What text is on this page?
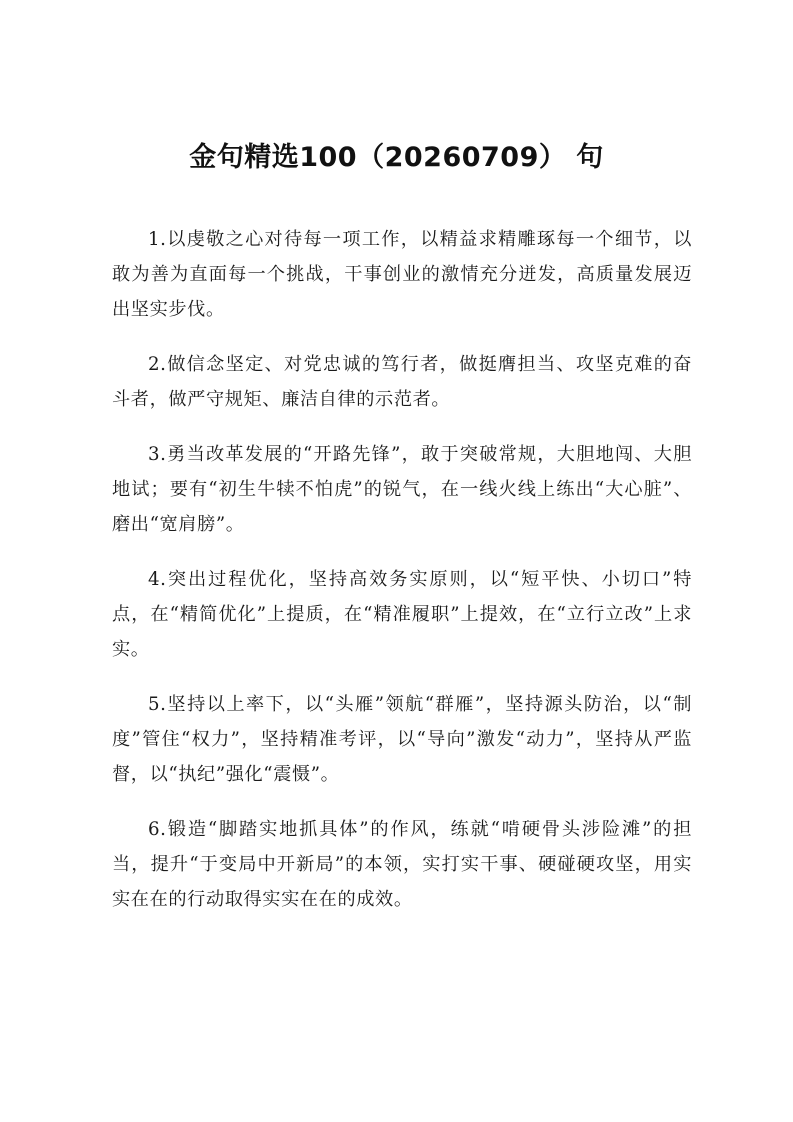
金句精选100（20260709） 句

1.以虔敬之心对待每一项工作，以精益求精雕琢每一个细节，以敢为善为直面每一个挑战，干事创业的激情充分迸发，高质量发展迈出坚实步伐。

2.做信念坚定、对党忠诚的笃行者，做挺膺担当、攻坚克难的奋斗者，做严守规矩、廉洁自律的示范者。

3.勇当改革发展的“开路先锋”，敢于突破常规，大胆地闯、大胆地试；要有“初生牛犊不怕虎”的锐气，在一线火线上练出“大心脏”、磨出“宽肩膀”。

4.突出过程优化，坚持高效务实原则，以“短平快、小切口”特点，在“精简优化”上提质，在“精准履职”上提效，在“立行立改”上求实。

5.坚持以上率下，以“头雁”领航“群雁”，坚持源头防治，以“制度”管住“权力”，坚持精准考评，以“导向”激发“动力”，坚持从严监督，以“执纪”强化“震慑”。

6.锻造“脚踏实地抓具体”的作风，练就“啃硬骨头涉险滩”的担当，提升“于变局中开新局”的本领，实打实干事、硬碰硬攻坚，用实实在在的行动取得实实在在的成效。
